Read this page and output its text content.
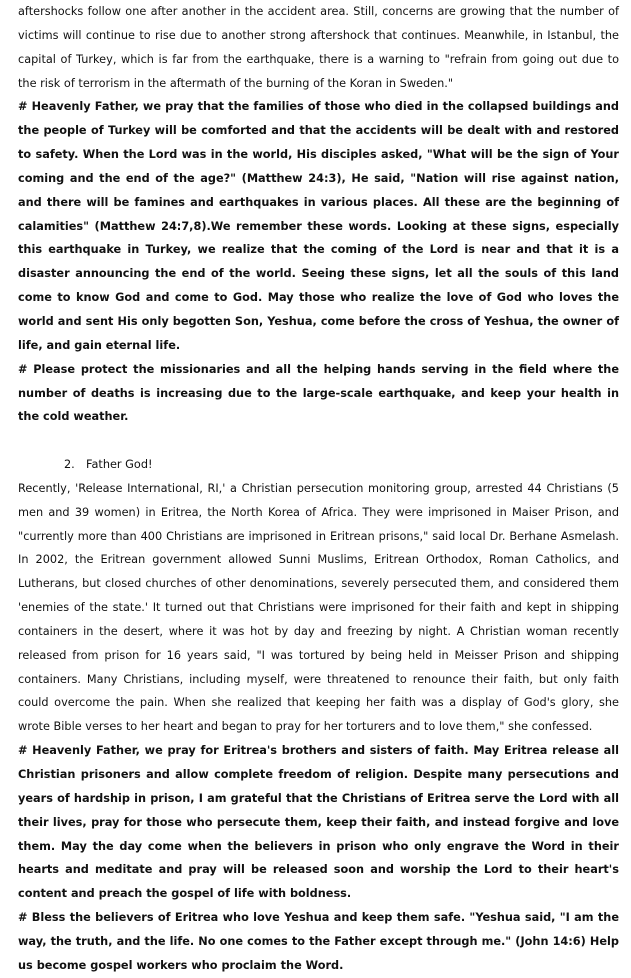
aftershocks follow one after another in the accident area. Still, concerns are growing that the number of victims will continue to rise due to another strong aftershock that continues. Meanwhile, in Istanbul, the capital of Turkey, which is far from the earthquake, there is a warning to "refrain from going out due to the risk of terrorism in the aftermath of the burning of the Koran in Sweden."

# Heavenly Father, we pray that the families of those who died in the collapsed buildings and the people of Turkey will be comforted and that the accidents will be dealt with and restored to safety. When the Lord was in the world, His disciples asked, "What will be the sign of Your coming and the end of the age?" (Matthew 24:3), He said, "Nation will rise against nation, and there will be famines and earthquakes in various places. All these are the beginning of calamities" (Matthew 24:7,8).We remember these words. Looking at these signs, especially this earthquake in Turkey, we realize that the coming of the Lord is near and that it is a disaster announcing the end of the world. Seeing these signs, let all the souls of this land come to know God and come to God. May those who realize the love of God who loves the world and sent His only begotten Son, Yeshua, come before the cross of Yeshua, the owner of life, and gain eternal life.

# Please protect the missionaries and all the helping hands serving in the field where the number of deaths is increasing due to the large-scale earthquake, and keep your health in the cold weather.

2. Father God!

Recently, 'Release International, RI,' a Christian persecution monitoring group, arrested 44 Christians (5 men and 39 women) in Eritrea, the North Korea of Africa. They were imprisoned in Maiser Prison, and "currently more than 400 Christians are imprisoned in Eritrean prisons," said local Dr. Berhane Asmelash. In 2002, the Eritrean government allowed Sunni Muslims, Eritrean Orthodox, Roman Catholics, and Lutherans, but closed churches of other denominations, severely persecuted them, and considered them 'enemies of the state.' It turned out that Christians were imprisoned for their faith and kept in shipping containers in the desert, where it was hot by day and freezing by night. A Christian woman recently released from prison for 16 years said, "I was tortured by being held in Meisser Prison and shipping containers. Many Christians, including myself, were threatened to renounce their faith, but only faith could overcome the pain. When she realized that keeping her faith was a display of God's glory, she wrote Bible verses to her heart and began to pray for her torturers and to love them," she confessed.

# Heavenly Father, we pray for Eritrea's brothers and sisters of faith. May Eritrea release all Christian prisoners and allow complete freedom of religion. Despite many persecutions and years of hardship in prison, I am grateful that the Christians of Eritrea serve the Lord with all their lives, pray for those who persecute them, keep their faith, and instead forgive and love them. May the day come when the believers in prison who only engrave the Word in their hearts and meditate and pray will be released soon and worship the Lord to their heart's content and preach the gospel of life with boldness.

# Bless the believers of Eritrea who love Yeshua and keep them safe. "Yeshua said, "I am the way, the truth, and the life. No one comes to the Father except through me." (John 14:6) Help us become gospel workers who proclaim the Word.
